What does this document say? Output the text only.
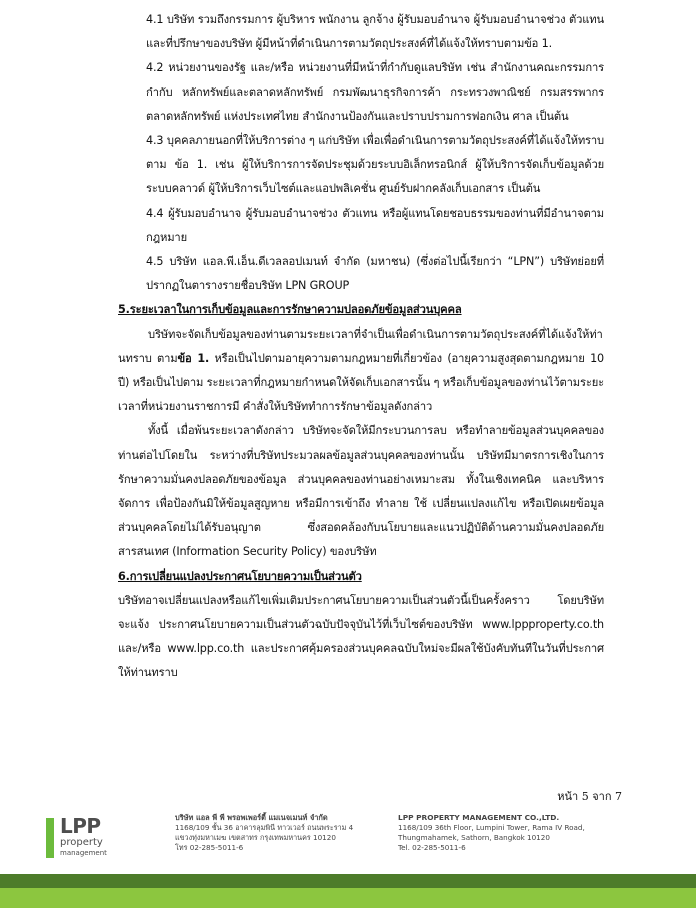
4.1 บริษัท รวมถึงกรรมการ ผู้บริหาร พนักงาน ลูกจ้าง ผู้รับมอบอำนาจ ผู้รับมอบอำนาจช่วง ตัวแทน และที่ปรึกษาของบริษัท ผู้มีหน้าที่ดำเนินการตามวัตถุประสงค์ที่ได้แจ้งให้ทราบตามข้อ 1.

4.2 หน่วยงานของรัฐ และ/หรือ หน่วยงานที่มีหน้าที่กำกับดูแลบริษัท เช่น สำนักงานคณะกรรมการกำกับ หลักทรัพย์และตลาดหลักทรัพย์ กรมพัฒนาธุรกิจการค้า กระทรวงพาณิชย์ กรมสรรพากร ตลาดหลักทรัพย์ แห่งประเทศไทย สำนักงานป้องกันและปราบปรามการฟอกเงิน ศาล เป็นต้น

4.3 บุคคลภายนอกที่ให้บริการต่าง ๆ แก่บริษัท เพื่อเพื่อดำเนินการตามวัตถุประสงค์ที่ได้แจ้งให้ทราบตาม ข้อ 1. เช่น ผู้ให้บริการการจัดประชุมด้วยระบบอิเล็กทรอนิกส์ ผู้ให้บริการจัดเก็บข้อมูลด้วยระบบคลาวด์ ผู้ให้บริการเว็บไซต์และแอปพลิเคชั่น ศูนย์รับฝากคลังเก็บเอกสาร เป็นต้น

4.4 ผู้รับมอบอำนาจ ผู้รับมอบอำนาจช่วง ตัวแทน หรือผู้แทนโดยชอบธรรมของท่านที่มีอำนาจตามกฎหมาย

4.5 บริษัท แอล.พี.เอ็น.ดีเวลลอปเมนท์ จำกัด (มหาชน) (ซึ่งต่อไปนี้เรียกว่า “LPN”) บริษัทย่อยที่ปรากฏในตารางรายชื่อบริษัท LPN GROUP

5.ระยะเวลาในการเก็บข้อมูลและการรักษาความปลอดภัยข้อมูลส่วนบุคคล

บริษัทจะจัดเก็บข้อมูลของท่านตามระยะเวลาที่จำเป็นเพื่อดำเนินการตามวัตถุประสงค์ที่ได้แจ้งให้ท่านทราบ ตามข้อ 1. หรือเป็นไปตามอายุความตามกฎหมายที่เกี่ยวข้อง (อายุความสูงสุดตามกฎหมาย 10 ปี) หรือเป็นไปตาม ระยะเวลาที่กฎหมายกำหนดให้จัดเก็บเอกสารนั้น ๆ หรือเก็บข้อมูลของท่านไว้ตามระยะเวลาที่หน่วยงานราชการมี คำสั่งให้บริษัททำการรักษาข้อมูลดังกล่าว

ทั้งนี้ เมื่อพ้นระยะเวลาดังกล่าว บริษัทจะจัดให้มีกระบวนการลบ หรือทำลายข้อมูลส่วนบุคคลของท่านต่อไปโดยใน ระหว่างที่บริษัทประมวลผลข้อมูลส่วนบุคคลของท่านนั้น บริษัทมีมาตรการเชิงในการรักษาความมั่นคงปลอดภัยของข้อมูล ส่วนบุคคลของท่านอย่างเหมาะสม ทั้งในเชิงเทคนิค และบริหารจัดการ เพื่อป้องกันมิให้ข้อมูลสูญหาย หรือมีการเข้าถึง ทำลาย ใช้ เปลี่ยนแปลงแก้ไข หรือเปิดเผยข้อมูลส่วนบุคคลโดยไม่ได้รับอนุญาต ซึ่งสอดคล้องกับนโยบายและแนวปฏิบัติด้านความมั่นคงปลอดภัยสารสนเทศ (Information Security Policy) ของบริษัท

6.การเปลี่ยนแปลงประกาศนโยบายความเป็นส่วนตัว

บริษัทอาจเปลี่ยนแปลงหรือแก้ไขเพิ่มเติมประกาศนโยบายความเป็นส่วนตัวนี้เป็นครั้งคราว โดยบริษัทจะแจ้ง ประกาศนโยบายความเป็นส่วนตัวฉบับปัจจุบันไว้ที่เว็บไซต์ของบริษัท www.lppproperty.co.th และ/หรือ www.lpp.co.th และประกาศคุ้มครองส่วนบุคคลฉบับใหม่จะมีผลใช้บังคับทันทีในวันที่ประกาศให้ท่านทราบ

หน้า 5 จาก 7
LPP
property
management
บริษัท แอล พี พี พรอพเพอร์ตี้ แมเนจเมนท์ จำกัด
1168/109 ชั้น 36 อาคารลุมพินี ทาวเวอร์ ถนนพระราม 4
แขวงทุ่งมหาเมฆ เขตสาทร กรุงเทพมหานคร 10120
โทร 02-285-5011-6
LPP PROPERTY MANAGEMENT CO.,LTD.
1168/109 36th Floor, Lumpini Tower, Rama IV Road,
Thungmahamek, Sathorn, Bangkok 10120
Tel. 02-285-5011-6
